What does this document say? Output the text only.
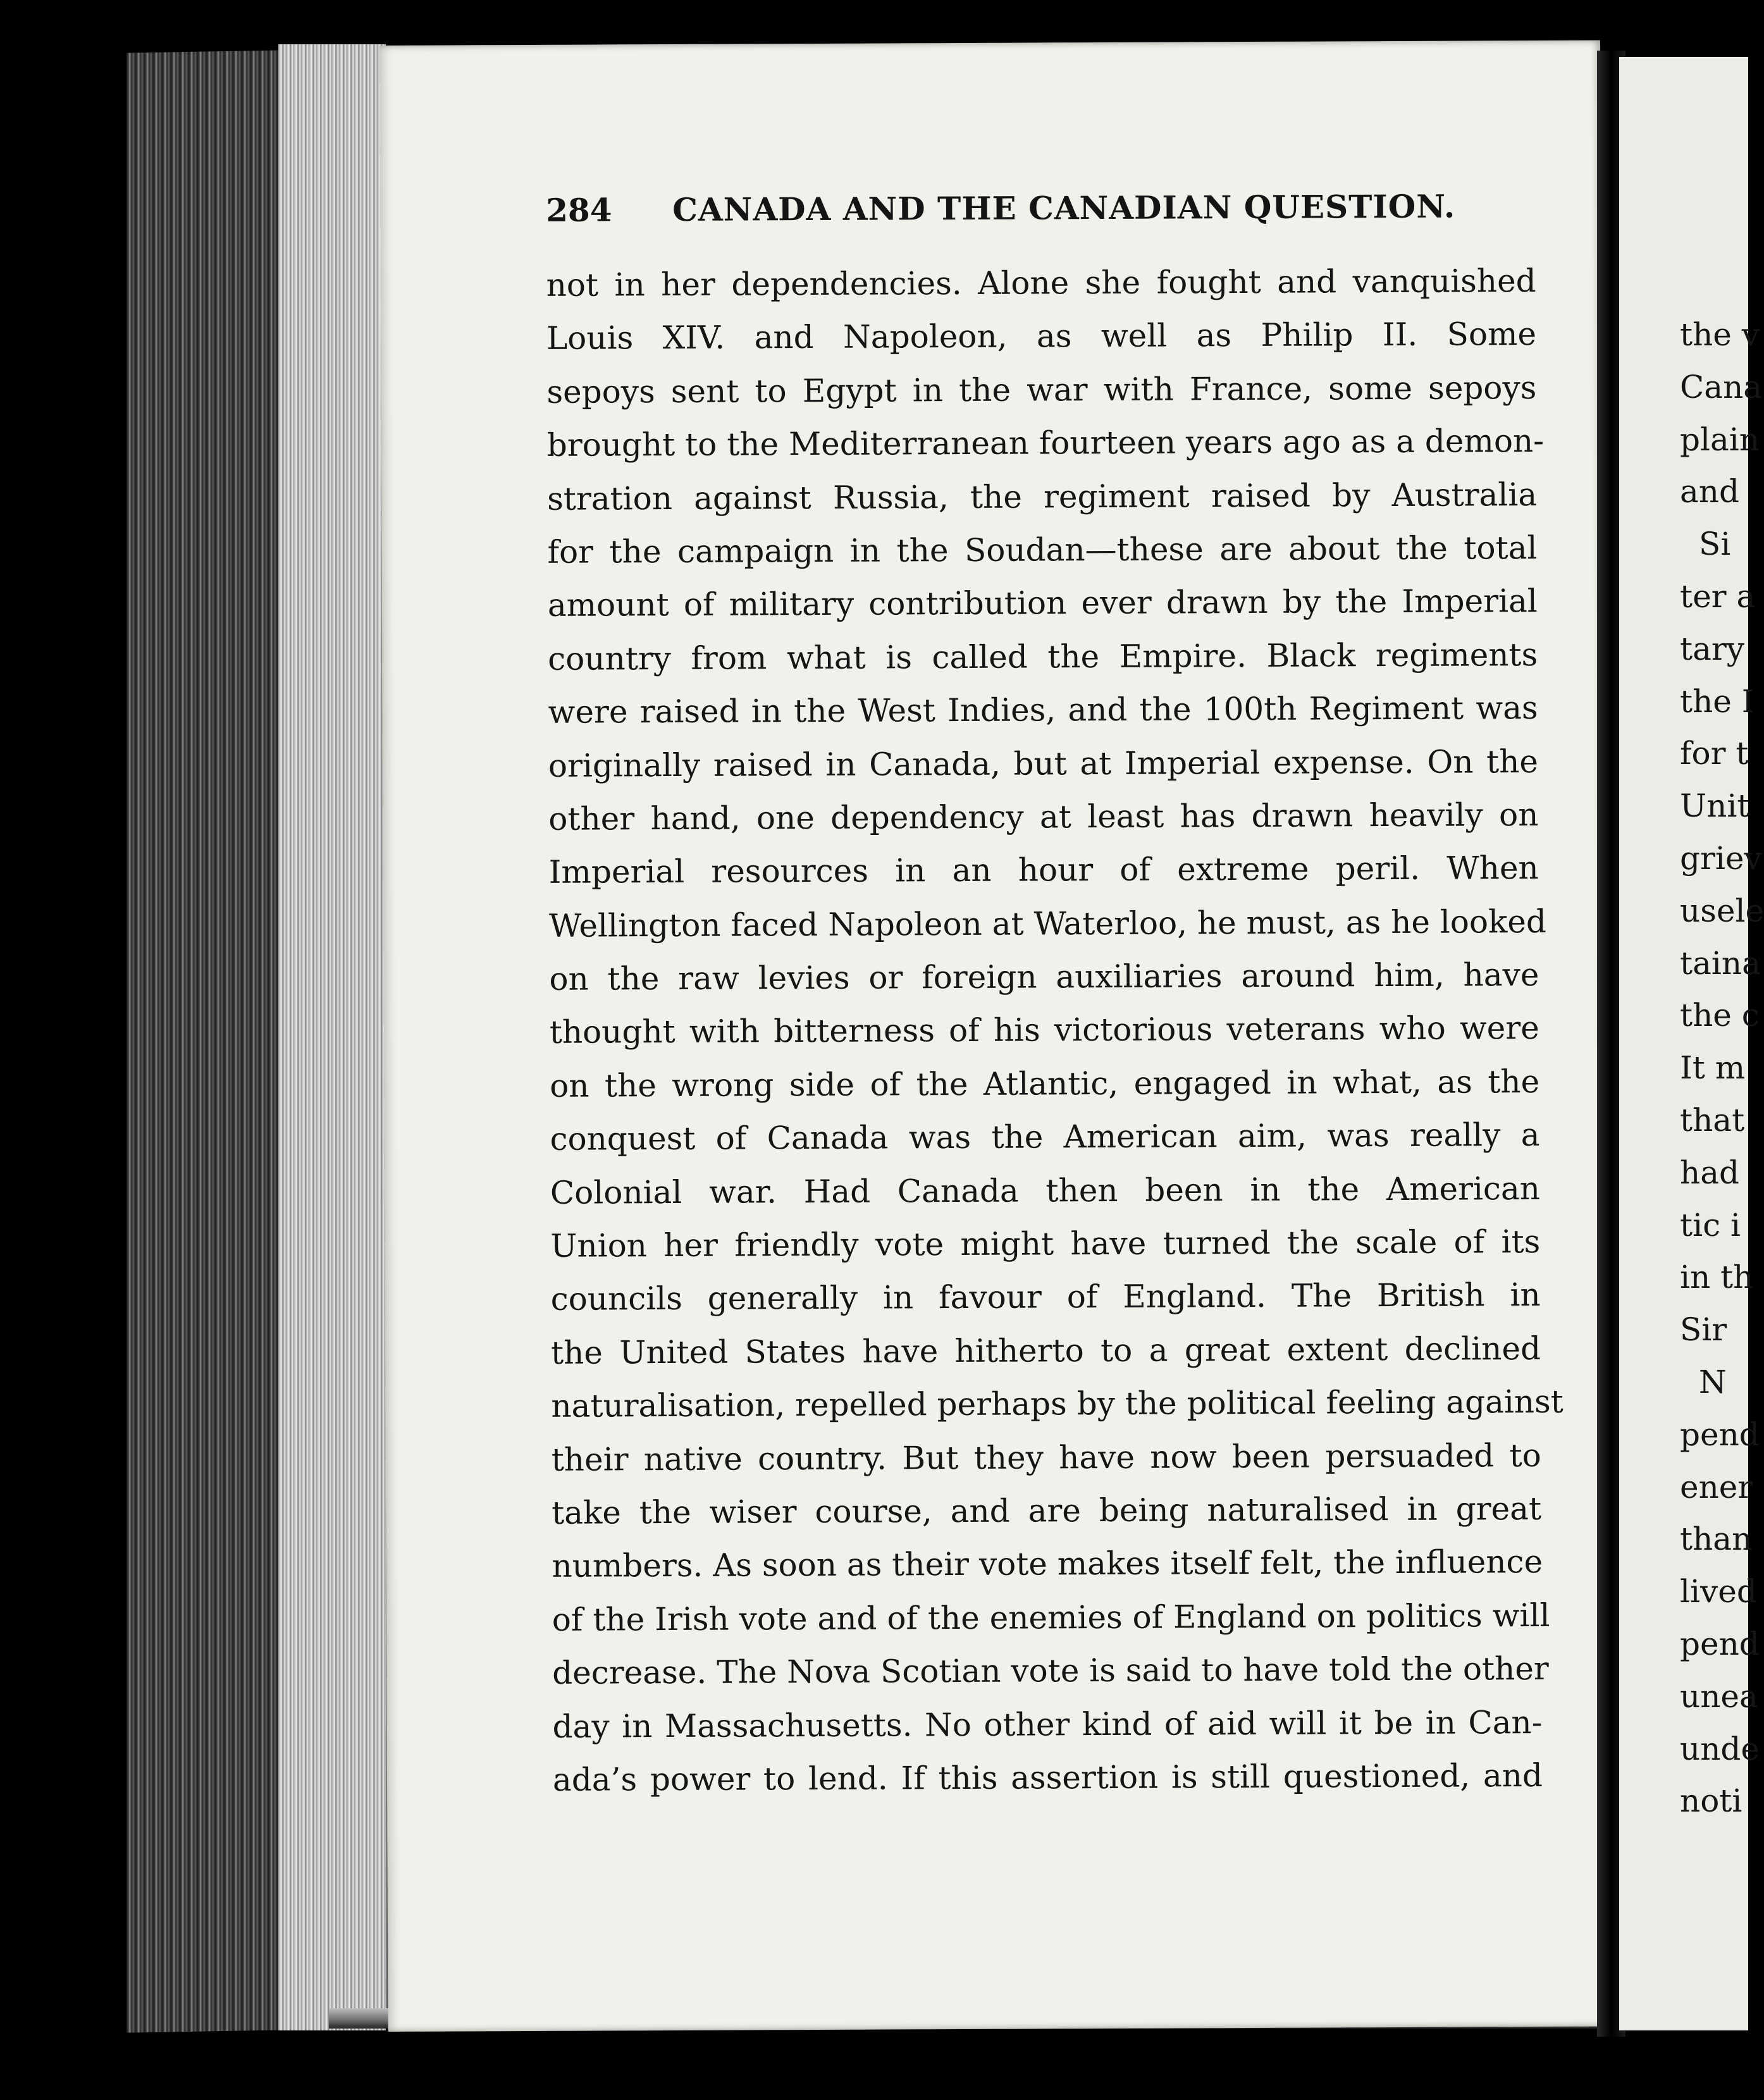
284 CANADA AND THE CANADIAN QUESTION.
not in her dependencies. Alone she fought and vanquished
Louis XIV. and Napoleon, as well as Philip II. Some
sepoys sent to Egypt in the war with France, some sepoys
brought to the Mediterranean fourteen years ago as a demon-
stration against Russia, the regiment raised by Australia
for the campaign in the Soudan—these are about the total
amount of military contribution ever drawn by the Imperial
country from what is called the Empire. Black regiments
were raised in the West Indies, and the 100th Regiment was
originally raised in Canada, but at Imperial expense. On the
other hand, one dependency at least has drawn heavily on
Imperial resources in an hour of extreme peril. When
Wellington faced Napoleon at Waterloo, he must, as he looked
on the raw levies or foreign auxiliaries around him, have
thought with bitterness of his victorious veterans who were
on the wrong side of the Atlantic, engaged in what, as the
conquest of Canada was the American aim, was really a
Colonial war. Had Canada then been in the American
Union her friendly vote might have turned the scale of its
councils generally in favour of England. The British in
the United States have hitherto to a great extent declined
naturalisation, repelled perhaps by the political feeling against
their native country. But they have now been persuaded to
take the wiser course, and are being naturalised in great
numbers. As soon as their vote makes itself felt, the influence
of the Irish vote and of the enemies of England on politics will
decrease. The Nova Scotian vote is said to have told the other
day in Massachusetts. No other kind of aid will it be in Can-
ada’s power to lend. If this assertion is still questioned, and
the v
Cana
plain
and
Si
ter a
tary
the I
for t
Unit
griev
usele
taina
the c
It m
that
had
tic i
in th
Sir
N
pend
ener
than
lived
pend
unea
unde
noti
